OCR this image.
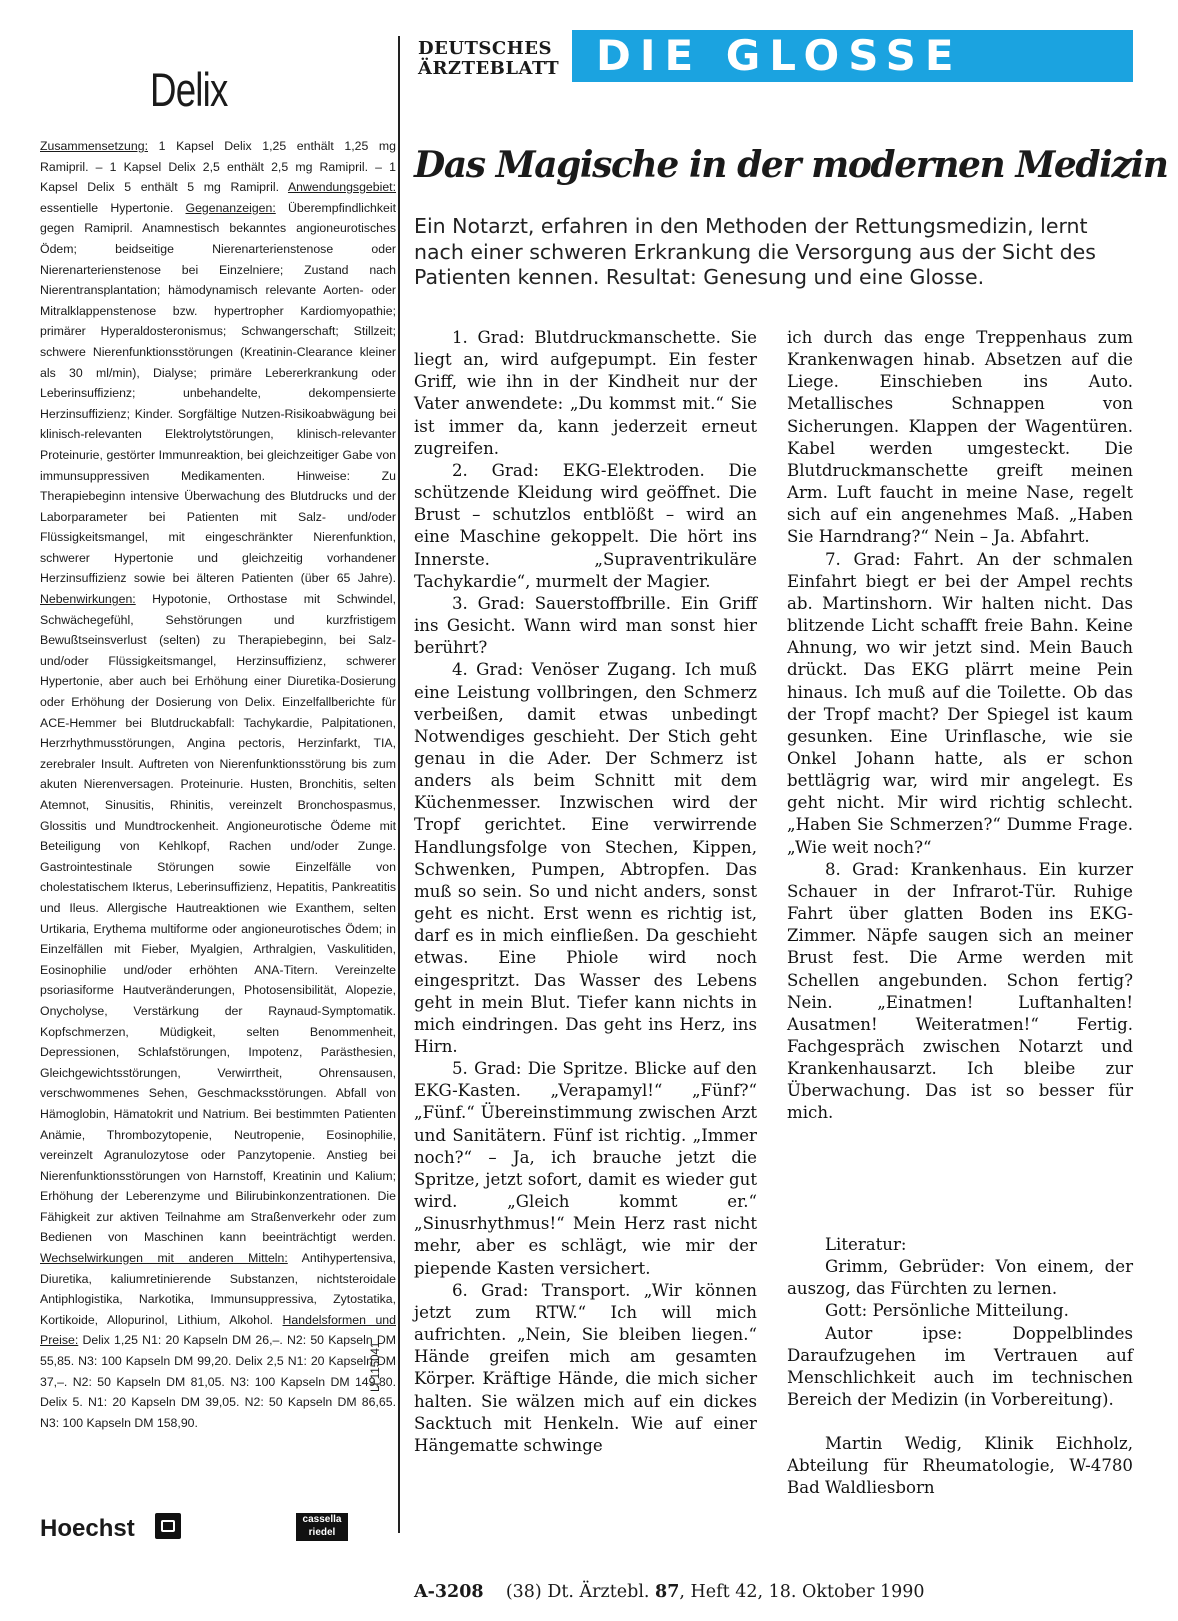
Delix
Zusammensetzung: 1 Kapsel Delix 1,25 enthält 1,25 mg Ramipril. – 1 Kapsel Delix 2,5 enthält 2,5 mg Ramipril. – 1 Kapsel Delix 5 enthält 5 mg Ramipril. Anwendungsgebiet: essentielle Hypertonie. Gegenanzeigen: Überempfindlichkeit gegen Ramipril. Anamnestisch bekanntes angioneurotisches Ödem; beidseitige Nierenarterienstenose oder Nierenarterienstenose bei Einzelniere; Zustand nach Nierentransplantation; hämodynamisch relevante Aorten- oder Mitralklappenstenose bzw. hypertropher Kardiomyopathie; primärer Hyperaldosteronismus; Schwangerschaft; Stillzeit; schwere Nierenfunktionsstörungen (Kreatinin-Clearance kleiner als 30 ml/min), Dialyse; primäre Lebererkrankung oder Leberinsuffizienz; unbehandelte, dekompensierte Herzinsuffizienz; Kinder. Sorgfältige Nutzen-Risikoabwägung bei klinisch-relevanten Elektrolytstörungen, klinisch-relevanter Proteinurie, gestörter Immunreaktion, bei gleichzeitiger Gabe von immunsuppressiven Medikamenten. Hinweise: Zu Therapiebeginn intensive Überwachung des Blutdrucks und der Laborparameter bei Patienten mit Salz- und/oder Flüssigkeitsmangel, mit eingeschränkter Nierenfunktion, schwerer Hypertonie und gleichzeitig vorhandener Herzinsuffizienz sowie bei älteren Patienten (über 65 Jahre). Nebenwirkungen: Hypotonie, Orthostase mit Schwindel, Schwächegefühl, Sehstörungen und kurzfristigem Bewußtseinsverlust (selten) zu Therapiebeginn, bei Salz- und/oder Flüssigkeitsmangel, Herzinsuffizienz, schwerer Hypertonie, aber auch bei Erhöhung einer Diuretika-Dosierung oder Erhöhung der Dosierung von Delix. Einzelfallberichte für ACE-Hemmer bei Blutdruckabfall: Tachykardie, Palpitationen, Herzrhythmusstörungen, Angina pectoris, Herzinfarkt, TIA, zerebraler Insult. Auftreten von Nierenfunktionsstörung bis zum akuten Nierenversagen. Proteinurie. Husten, Bronchitis, selten Atemnot, Sinusitis, Rhinitis, vereinzelt Bronchospasmus, Glossitis und Mundtrockenheit. Angioneurotische Ödeme mit Beteiligung von Kehlkopf, Rachen und/oder Zunge. Gastrointestinale Störungen sowie Einzelfälle von cholestatischem Ikterus, Leberinsuffizienz, Hepatitis, Pankreatitis und Ileus. Allergische Hautreaktionen wie Exanthem, selten Urtikaria, Erythema multiforme oder angioneurotisches Ödem; in Einzelfällen mit Fieber, Myalgien, Arthralgien, Vaskulitiden, Eosinophilie und/oder erhöhten ANA-Titern. Vereinzelte psoriasiforme Hautveränderungen, Photosensibilität, Alopezie, Onycholyse, Verstärkung der Raynaud-Symptomatik. Kopfschmerzen, Müdigkeit, selten Benommenheit, Depressionen, Schlafstörungen, Impotenz, Parästhesien, Gleichgewichtsstörungen, Verwirrtheit, Ohrensausen, verschwommenes Sehen, Geschmacksstörungen. Abfall von Hämoglobin, Hämatokrit und Natrium. Bei bestimmten Patienten Anämie, Thrombozytopenie, Neutropenie, Eosinophilie, vereinzelt Agranulozytose oder Panzytopenie. Anstieg bei Nierenfunktionsstörungen von Harnstoff, Kreatinin und Kalium; Erhöhung der Leberenzyme und Bilirubinkonzentrationen. Die Fähigkeit zur aktiven Teilnahme am Straßenverkehr oder zum Bedienen von Maschinen kann beeinträchtigt werden. Wechselwirkungen mit anderen Mitteln: Antihypertensiva, Diuretika, kaliumretinierende Substanzen, nichtsteroidale Antiphlogistika, Narkotika, Immunsuppressiva, Zytostatika, Kortikoide, Allopurinol, Lithium, Alkohol. Handelsformen und Preise: Delix 1,25 N1: 20 Kapseln DM 26,–. N2: 50 Kapseln DM 55,85. N3: 100 Kapseln DM 99,20. Delix 2,5 N1: 20 Kapseln DM 37,–. N2: 50 Kapseln DM 81,05. N3: 100 Kapseln DM 149,80. Delix 5. N1: 20 Kapseln DM 39,05. N2: 50 Kapseln DM 86,65. N3: 100 Kapseln DM 158,90.
LI 115041
Hoechst	cassella
riedel
DEUTSCHES
ÄRZTEBLATT DIE GLOSSE
Das Magische in der modernen Medizin
Ein Notarzt, erfahren in den Methoden der Rettungsmedizin, lernt nach einer schweren Erkrankung die Versorgung aus der Sicht des Patienten kennen. Resultat: Genesung und eine Glosse.

1. Grad: Blutdruckmanschette. Sie liegt an, wird aufgepumpt. Ein fester Griff, wie ihn in der Kindheit nur der Vater anwendete: „Du kommst mit.“ Sie ist immer da, kann jederzeit erneut zugreifen.

2. Grad: EKG-Elektroden. Die schützende Kleidung wird geöffnet. Die Brust – schutzlos entblößt – wird an eine Maschine gekoppelt. Die hört ins Innerste. „Supraventrikuläre Tachykardie“, murmelt der Magier.

3. Grad: Sauerstoffbrille. Ein Griff ins Gesicht. Wann wird man sonst hier berührt?

4. Grad: Venöser Zugang. Ich muß eine Leistung vollbringen, den Schmerz verbeißen, damit etwas unbedingt Notwendiges geschieht. Der Stich geht genau in die Ader. Der Schmerz ist anders als beim Schnitt mit dem Küchenmesser. Inzwischen wird der Tropf gerichtet. Eine verwirrende Handlungsfolge von Stechen, Kippen, Schwenken, Pumpen, Abtropfen. Das muß so sein. So und nicht anders, sonst geht es nicht. Erst wenn es richtig ist, darf es in mich einfließen. Da geschieht etwas. Eine Phiole wird noch eingespritzt. Das Wasser des Lebens geht in mein Blut. Tiefer kann nichts in mich eindringen. Das geht ins Herz, ins Hirn.

5. Grad: Die Spritze. Blicke auf den EKG-Kasten. „Verapamyl!“ „Fünf?“ „Fünf.“ Übereinstimmung zwischen Arzt und Sanitätern. Fünf ist richtig. „Immer noch?“ – Ja, ich brauche jetzt die Spritze, jetzt sofort, damit es wieder gut wird. „Gleich kommt er.“ „Sinusrhythmus!“ Mein Herz rast nicht mehr, aber es schlägt, wie mir der piepende Kasten versichert.

6. Grad: Transport. „Wir können jetzt zum RTW.“ Ich will mich aufrichten. „Nein, Sie bleiben liegen.“ Hände greifen mich am gesamten Körper. Kräftige Hände, die mich sicher halten. Sie wälzen mich auf ein dickes Sacktuch mit Henkeln. Wie auf einer Hängematte schwinge

ich durch das enge Treppenhaus zum Krankenwagen hinab. Absetzen auf die Liege. Einschieben ins Auto. Metallisches Schnappen von Sicherungen. Klappen der Wagentüren. Kabel werden umgesteckt. Die Blutdruckmanschette greift meinen Arm. Luft faucht in meine Nase, regelt sich auf ein angenehmes Maß. „Haben Sie Harndrang?“ Nein – Ja. Abfahrt.

7. Grad: Fahrt. An der schmalen Einfahrt biegt er bei der Ampel rechts ab. Martinshorn. Wir halten nicht. Das blitzende Licht schafft freie Bahn. Keine Ahnung, wo wir jetzt sind. Mein Bauch drückt. Das EKG plärrt meine Pein hinaus. Ich muß auf die Toilette. Ob das der Tropf macht? Der Spiegel ist kaum gesunken. Eine Urinflasche, wie sie Onkel Johann hatte, als er schon bettlägrig war, wird mir angelegt. Es geht nicht. Mir wird richtig schlecht. „Haben Sie Schmerzen?“ Dumme Frage. „Wie weit noch?“

8. Grad: Krankenhaus. Ein kurzer Schauer in der Infrarot-Tür. Ruhige Fahrt über glatten Boden ins EKG-Zimmer. Näpfe saugen sich an meiner Brust fest. Die Arme werden mit Schellen angebunden. Schon fertig? Nein. „Einatmen! Luftanhalten! Ausatmen! Weiteratmen!“ Fertig. Fachgespräch zwischen Notarzt und Krankenhausarzt. Ich bleibe zur Überwachung. Das ist so besser für mich.

Literatur:

Grimm, Gebrüder: Von einem, der auszog, das Fürchten zu lernen.

Gott: Persönliche Mitteilung.

Autor ipse: Doppelblindes Daraufzugehen im Vertrauen auf Menschlichkeit auch im technischen Bereich der Medizin (in Vorbereitung).

Martin Wedig, Klinik Eichholz, Abteilung für Rheumatologie, W-4780 Bad Waldliesborn

A-3208 (38) Dt. Ärztebl. 87, Heft 42, 18. Oktober 1990
